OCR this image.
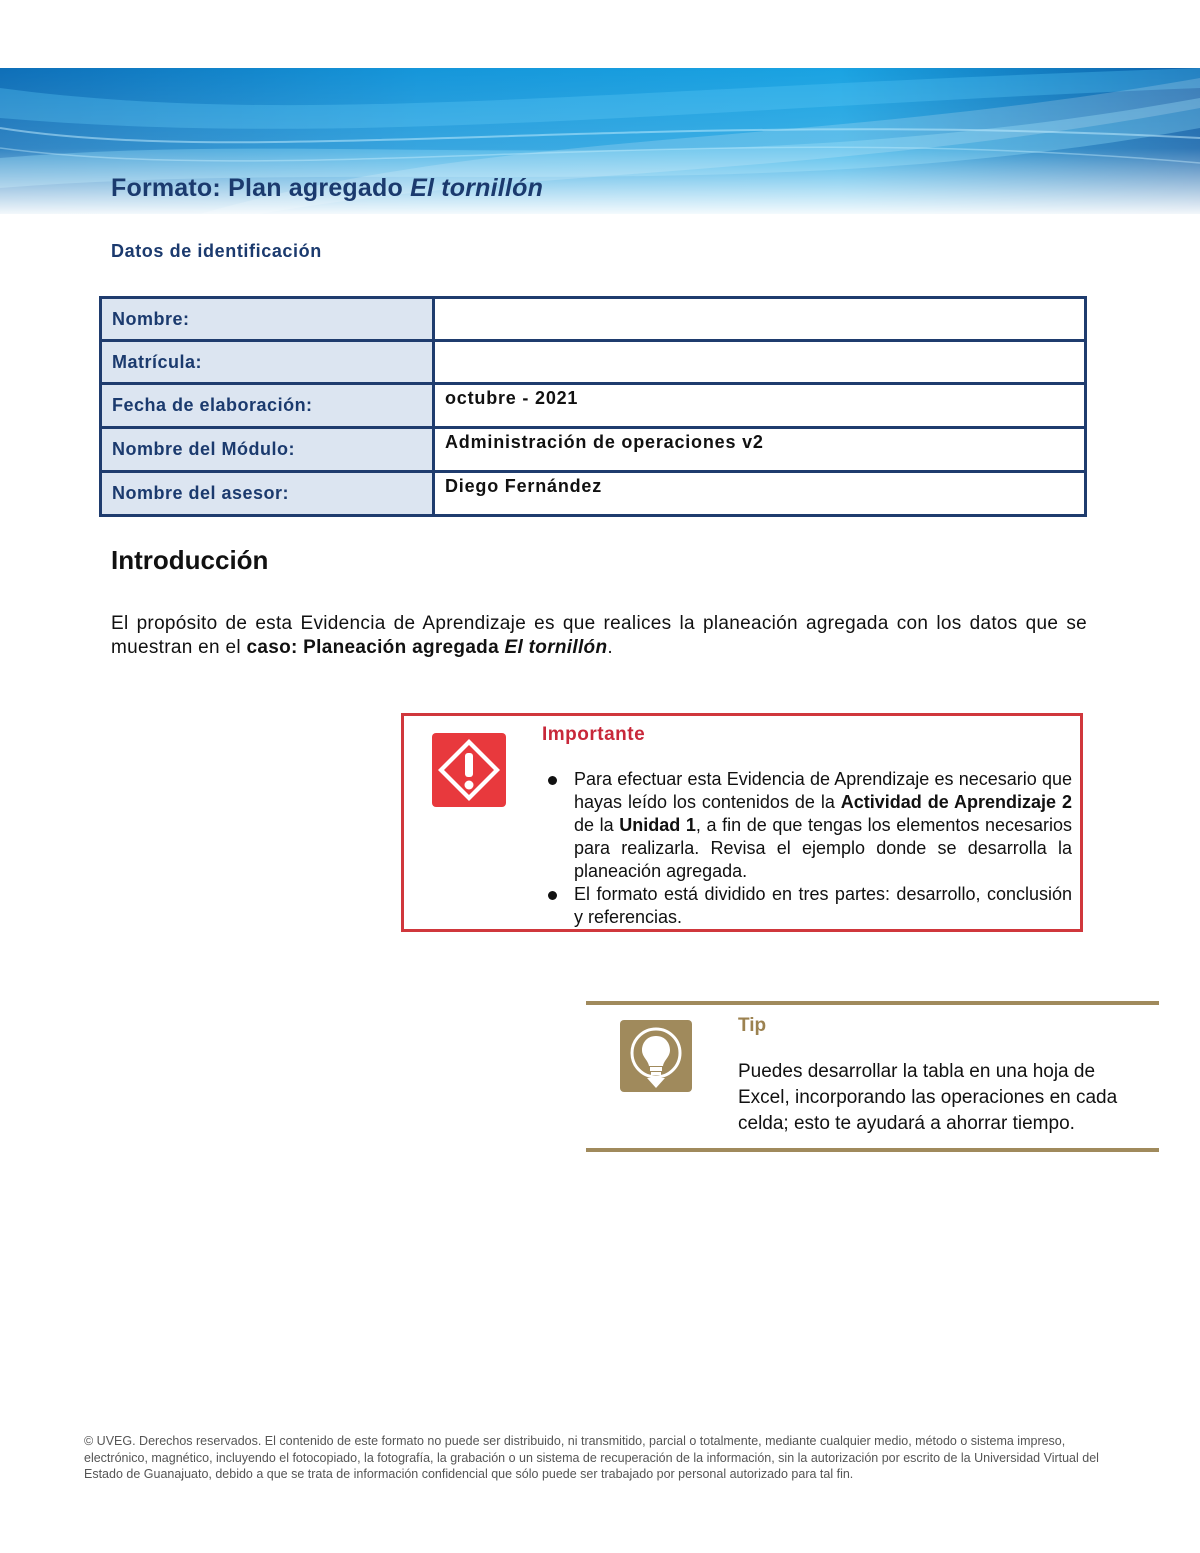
Formato: Plan agregado El tornillón
Datos de identificación
Nombre:	
Matrícula:	
Fecha de elaboración:	octubre - 2021
Nombre del Módulo:	Administración de operaciones v2
Nombre del asesor:	Diego Fernández
Introducción

El propósito de esta Evidencia de Aprendizaje es que realices la planeación agregada con los datos que se muestran en el caso: Planeación agregada El tornillón.

Importante
Para efectuar esta Evidencia de Aprendizaje es necesario que hayas leído los contenidos de la Actividad de Aprendizaje 2 de la Unidad 1, a fin de que tengas los elementos necesarios para realizarla. Revisa el ejemplo donde se desarrolla la planeación agregada.
El formato está dividido en tres partes: desarrollo, conclusión y referencias.
Tip

Puedes desarrollar la tabla en una hoja de Excel, incorporando las operaciones en cada celda; esto te ayudará a ahorrar tiempo.

© UVEG. Derechos reservados. El contenido de este formato no puede ser distribuido, ni transmitido, parcial o totalmente, mediante cualquier medio, método o sistema impreso, electrónico, magnético, incluyendo el fotocopiado, la fotografía, la grabación o un sistema de recuperación de la información, sin la autorización por escrito de la Universidad Virtual del Estado de Guanajuato, debido a que se trata de información confidencial que sólo puede ser trabajado por personal autorizado para tal fin.
